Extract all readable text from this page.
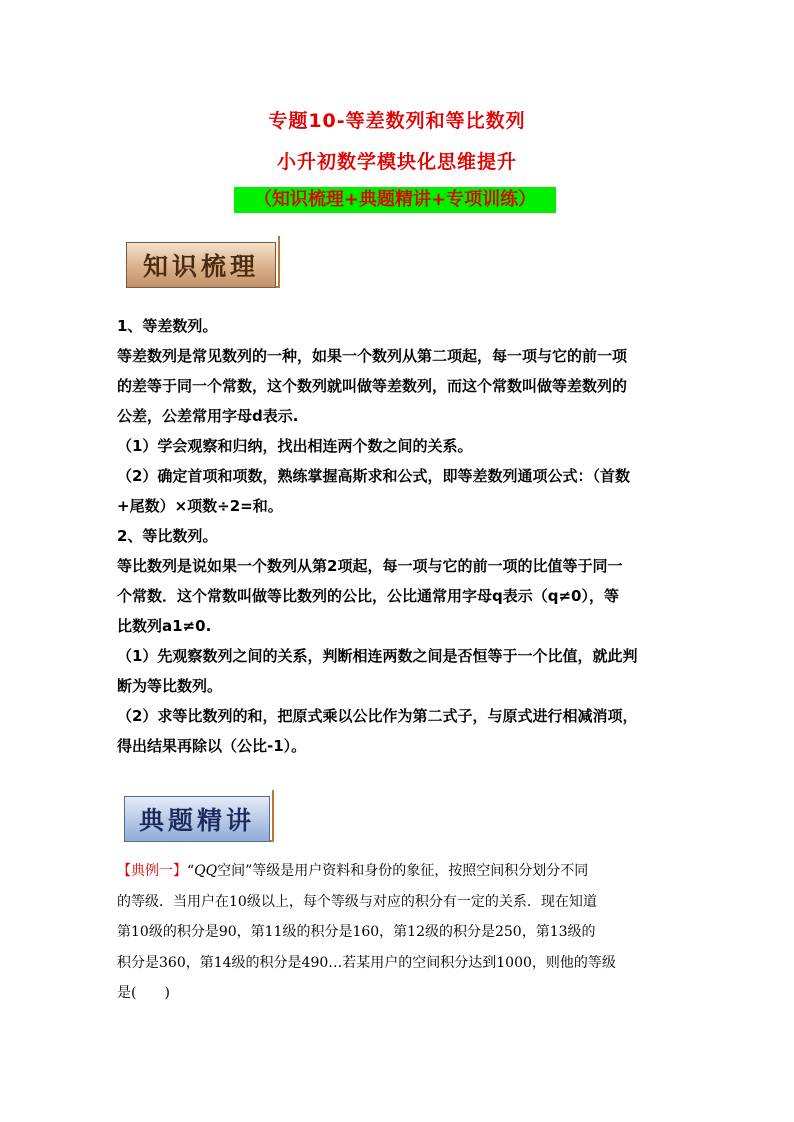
专题10-等差数列和等比数列
小升初数学模块化思维提升
（知识梳理+典题精讲+专项训练）
知识梳理

1、等差数列。

等差数列是常见数列的一种，如果一个数列从第二项起，每一项与它的前一项

的差等于同一个常数，这个数列就叫做等差数列，而这个常数叫做等差数列的

公差，公差常用字母d表示.

（1）学会观察和归纳，找出相连两个数之间的关系。

（2）确定首项和项数，熟练掌握高斯求和公式，即等差数列通项公式：（首数

+尾数）×项数÷2=和。

2、等比数列。

等比数列是说如果一个数列从第2项起，每一项与它的前一项的比值等于同一

个常数．这个常数叫做等比数列的公比，公比通常用字母q表示（q≠0），等

比数列a1≠0.

（1）先观察数列之间的关系，判断相连两数之间是否恒等于一个比值，就此判

断为等比数列。

（2）求等比数列的和，把原式乘以公比作为第二式子，与原式进行相减消项，

得出结果再除以（公比-1）。

典题精讲

【典例一】“QQ空间”等级是用户资料和身份的象征，按照空间积分划分不同

的等级．当用户在10级以上，每个等级与对应的积分有一定的关系．现在知道

第10级的积分是90，第11级的积分是160，第12级的积分是250，第13级的

积分是360，第14级的积分是490…若某用户的空间积分达到1000，则他的等级

是(　　)
